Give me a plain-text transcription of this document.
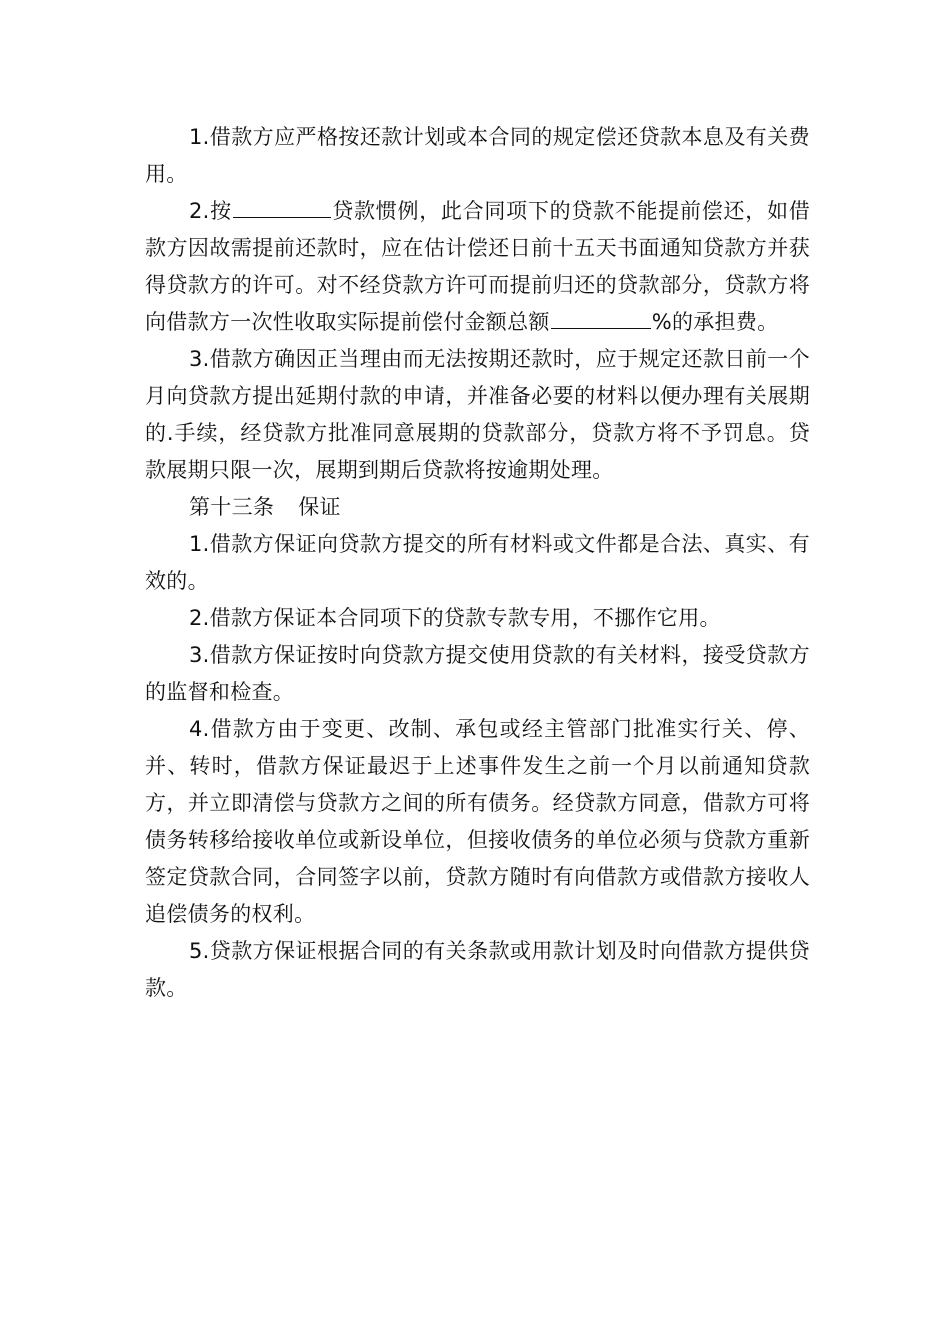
1.借款方应严格按还款计划或本合同的规定偿还贷款本息及有关费用。

2.按	贷款惯例，此合同项下的贷款不能提前偿还，如借款方因故需提前还款时，应在估计偿还日前十五天书面通知贷款方并获得贷款方的许可。对不经贷款方许可而提前归还的贷款部分，贷款方将向借款方一次性收取实际提前偿付金额总额	%的承担费。

3.借款方确因正当理由而无法按期还款时，应于规定还款日前一个月向贷款方提出延期付款的申请，并准备必要的材料以便办理有关展期的.手续，经贷款方批准同意展期的贷款部分，贷款方将不予罚息。贷款展期只限一次，展期到期后贷款将按逾期处理。

第十三条 保证

1.借款方保证向贷款方提交的所有材料或文件都是合法、真实、有效的。

2.借款方保证本合同项下的贷款专款专用，不挪作它用。

3.借款方保证按时向贷款方提交使用贷款的有关材料，接受贷款方的监督和检查。

4.借款方由于变更、改制、承包或经主管部门批准实行关、停、并、转时，借款方保证最迟于上述事件发生之前一个月以前通知贷款方，并立即清偿与贷款方之间的所有债务。经贷款方同意，借款方可将债务转移给接收单位或新设单位，但接收债务的单位必须与贷款方重新签定贷款合同，合同签字以前，贷款方随时有向借款方或借款方接收人追偿债务的权利。

5.贷款方保证根据合同的有关条款或用款计划及时向借款方提供贷款。
